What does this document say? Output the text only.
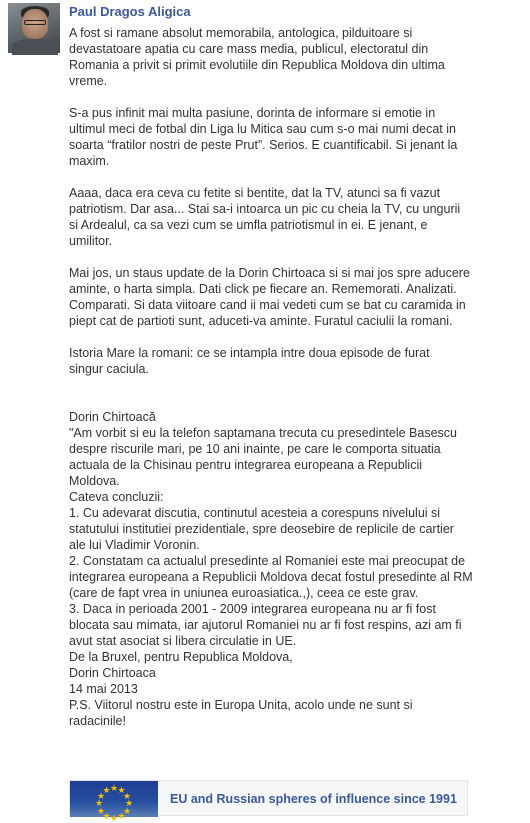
Paul Dragos Aligica
A fost si ramane absolut memorabila, antologica, pilduitoare si
devastatoare apatia cu care mass media, publicul, electoratul din
Romania a privit si primit evolutiile din Republica Moldova din ultima
vreme.
S-a pus infinit mai multa pasiune, dorinta de informare si emotie in
ultimul meci de fotbal din Liga lu Mitica sau cum s-o mai numi decat in
soarta “fratilor nostri de peste Prut”. Serios. E cuantificabil. Si jenant la
maxim.
Aaaa, daca era ceva cu fetite si bentite, dat la TV, atunci sa fi vazut
patriotism. Dar asa... Stai sa-i intoarca un pic cu cheia la TV, cu ungurii
si Ardealul, ca sa vezi cum se umfla patriotismul in ei. E jenant, e
umilitor.
Mai jos, un staus update de la Dorin Chirtoaca si si mai jos spre aducere
aminte, o harta simpla. Dati click pe fiecare an. Rememorati. Analizati.
Comparati. Si data viitoare cand ii mai vedeti cum se bat cu caramida in
piept cat de partioti sunt, aduceti-va aminte. Furatul caciulii la romani.
Istoria Mare la romani: ce se intampla intre doua episode de furat
singur caciula.
Dorin Chirtoacă
"Am vorbit si eu la telefon saptamana trecuta cu presedintele Basescu
despre riscurile mari, pe 10 ani inainte, pe care le comporta situatia
actuala de la Chisinau pentru integrarea europeana a Republicii
Moldova.
Cateva concluzii:
1. Cu adevarat discutia, continutul acesteia a corespuns nivelului si
statutului institutiei prezidentiale, spre deosebire de replicile de cartier
ale lui Vladimir Voronin.
2. Constatam ca actualul presedinte al Romaniei este mai preocupat de
integrarea europeana a Republicii Moldova decat fostul presedinte al RM
(care de fapt vrea in uniunea euroasiatica.,), ceea ce este grav.
3. Daca in perioada 2001 - 2009 integrarea europeana nu ar fi fost
blocata sau mimata, iar ajutorul Romaniei nu ar fi fost respins, azi am fi
avut stat asociat si libera circulatie in UE.
De la Bruxel, pentru Republica Moldova,
Dorin Chirtoaca
14 mai 2013
P.S. Viitorul nostru este in Europa Unita, acolo unde ne sunt si
radacinile!
★
★
★
★
★
★
★
★
★ ★ ★
★	EU and Russian spheres of influence since 1991
